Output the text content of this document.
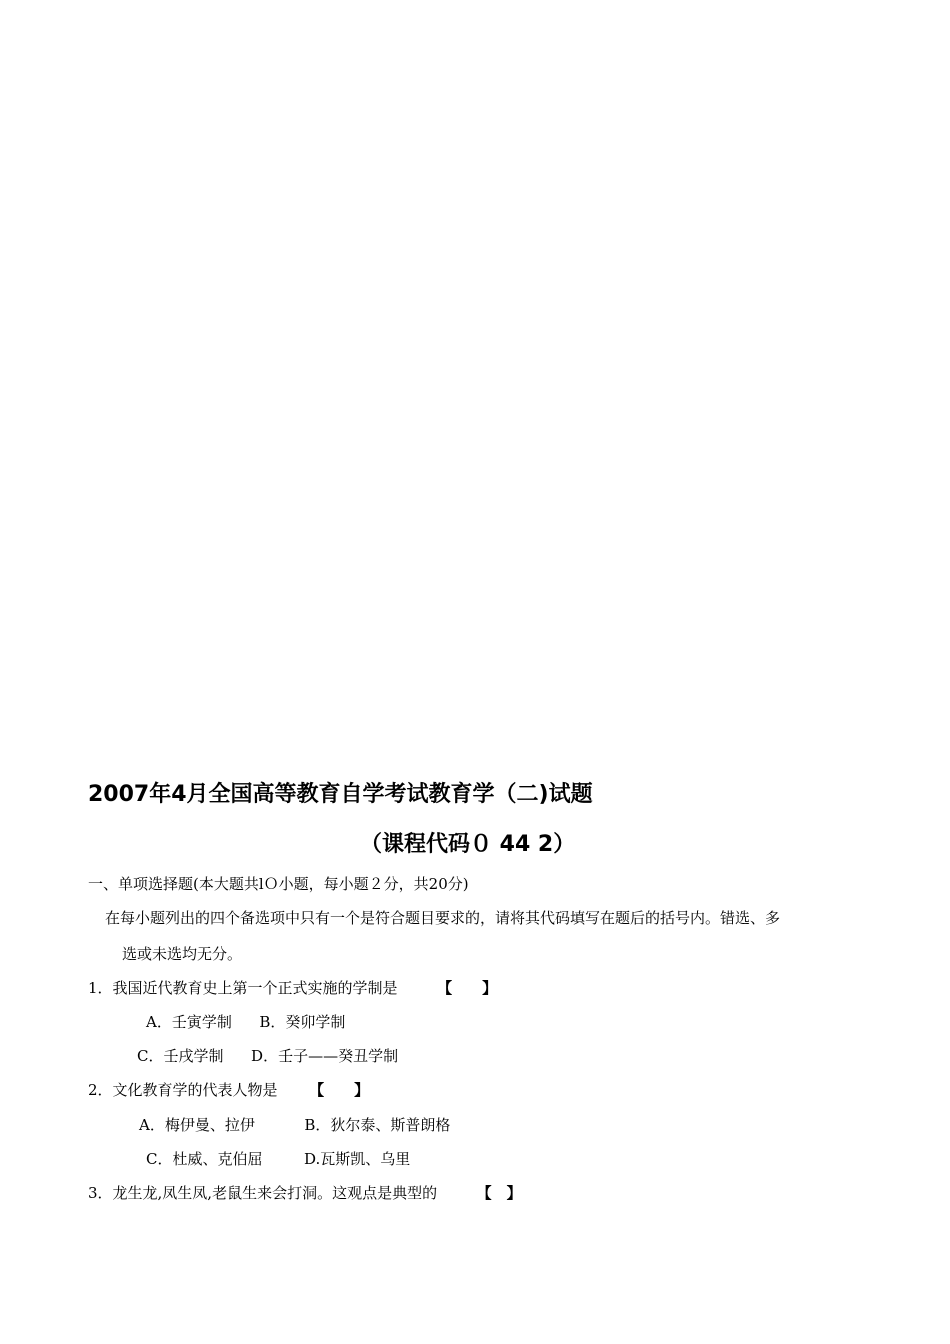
2007年4月全国高等教育自学考试教育学（二)试题
（课程代码０ 44 2）
一、单项选择题(本大题共lＯ小题，每小题２分，共20分)
在每小题列出的四个备选项中只有一个是符合题目要求的，请将其代码填写在题后的括号内。错选、多
选或未选均无分。
1．我国近代教育史上第一个正式实施的学制是	【　　】
A．壬寅学制 B．癸卯学制
C．壬戌学制 D．壬子——癸丑学制
2．文化教育学的代表人物是 【　　】
A．梅伊曼、拉伊	B．狄尔泰、斯普朗格
C．杜威、克伯屈	D.瓦斯凯、乌里
3．龙生龙,凤生凤,老鼠生来会打洞。这观点是典型的	【　】
